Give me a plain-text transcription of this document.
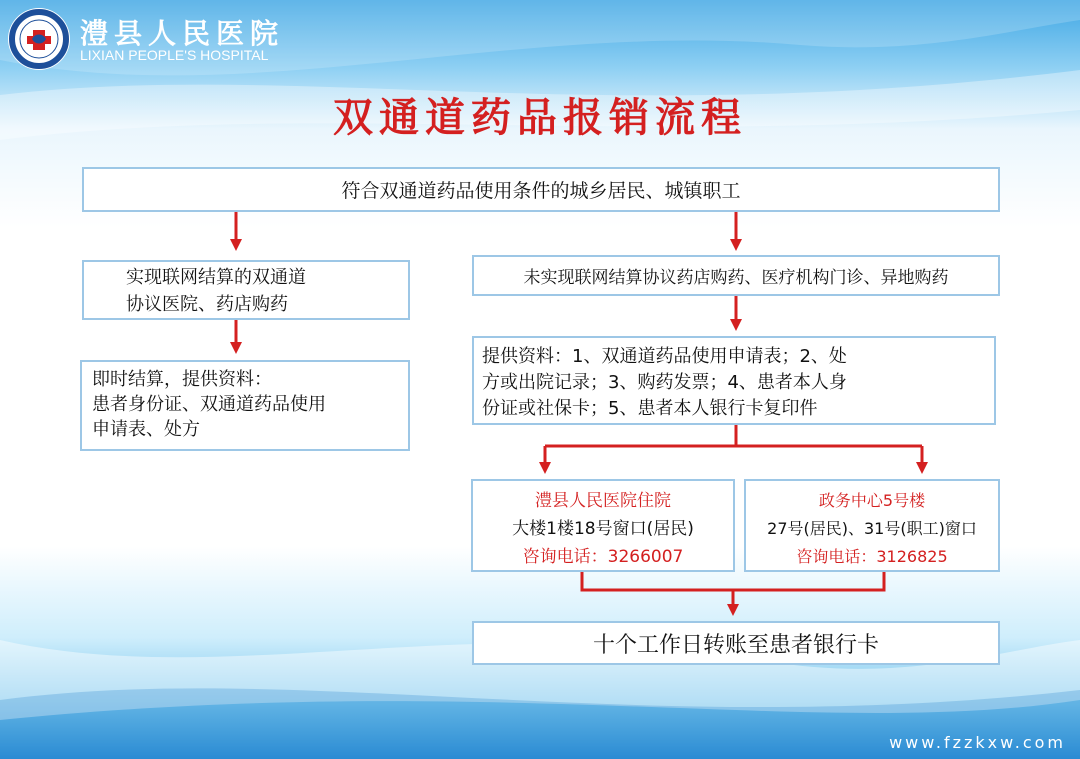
澧县人民医院
LIXIAN PEOPLE'S HOSPITAL
双通道药品报销流程
符合双通道药品使用条件的城乡居民、城镇职工
实现联网结算的双通道
协议医院、药店购药
即时结算，提供资料：
患者身份证、双通道药品使用
申请表、处方
未实现联网结算协议药店购药、医疗机构门诊、异地购药
提供资料：1、双通道药品使用申请表；2、处
方或出院记录；3、购药发票；4、患者本人身
份证或社保卡；5、患者本人银行卡复印件
澧县人民医院住院
大楼1楼18号窗口(居民)
咨询电话：3266007
政务中心5号楼
27号(居民)、31号(职工)窗口
咨询电话：3126825
十个工作日转账至患者银行卡
www.fzzkxw.com
